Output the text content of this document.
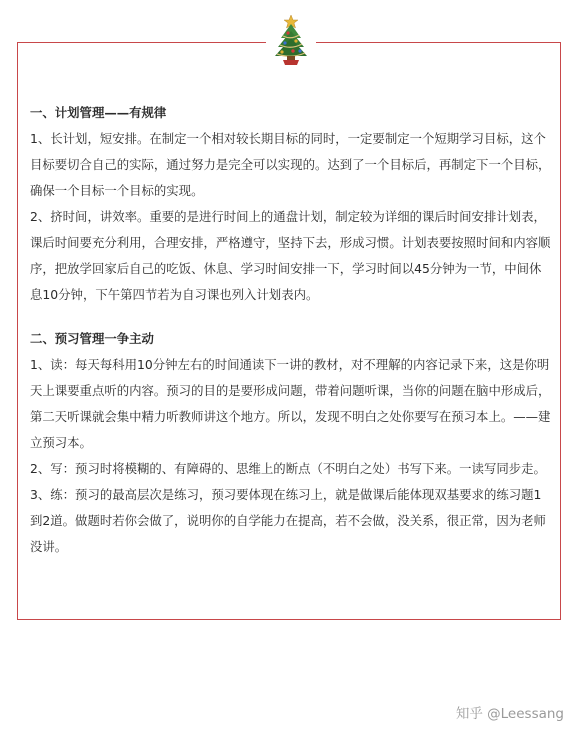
一、计划管理——有规律

1、长计划，短安排。在制定一个相对较长期目标的同时，一定要制定一个短期学习目标，这个目标要切合自己的实际，通过努力是完全可以实现的。达到了一个目标后，再制定下一个目标，确保一个目标一个目标的实现。

2、挤时间，讲效率。重要的是进行时间上的通盘计划，制定较为详细的课后时间安排计划表，课后时间要充分利用，合理安排，严格遵守，坚持下去，形成习惯。计划表要按照时间和内容顺序，把放学回家后自己的吃饭、休息、学习时间安排一下，学习时间以45分钟为一节，中间休息10分钟，下午第四节若为自习课也列入计划表内。

二、预习管理一争主动

1、读：每天每科用10分钟左右的时间通读下一讲的教材，对不理解的内容记录下来，这是你明天上课要重点听的内容。预习的目的是要形成问题，带着问题听课，当你的问题在脑中形成后，第二天听课就会集中精力听教师讲这个地方。所以，发现不明白之处你要写在预习本上。——建立预习本。

2、写：预习时将模糊的、有障碍的、思维上的断点（不明白之处）书写下来。一读写同步走。

3、练：预习的最高层次是练习，预习要体现在练习上，就是做课后能体现双基要求的练习题1到2道。做题时若你会做了，说明你的自学能力在提高，若不会做，没关系，很正常，因为老师没讲。

知乎 @Leessang
